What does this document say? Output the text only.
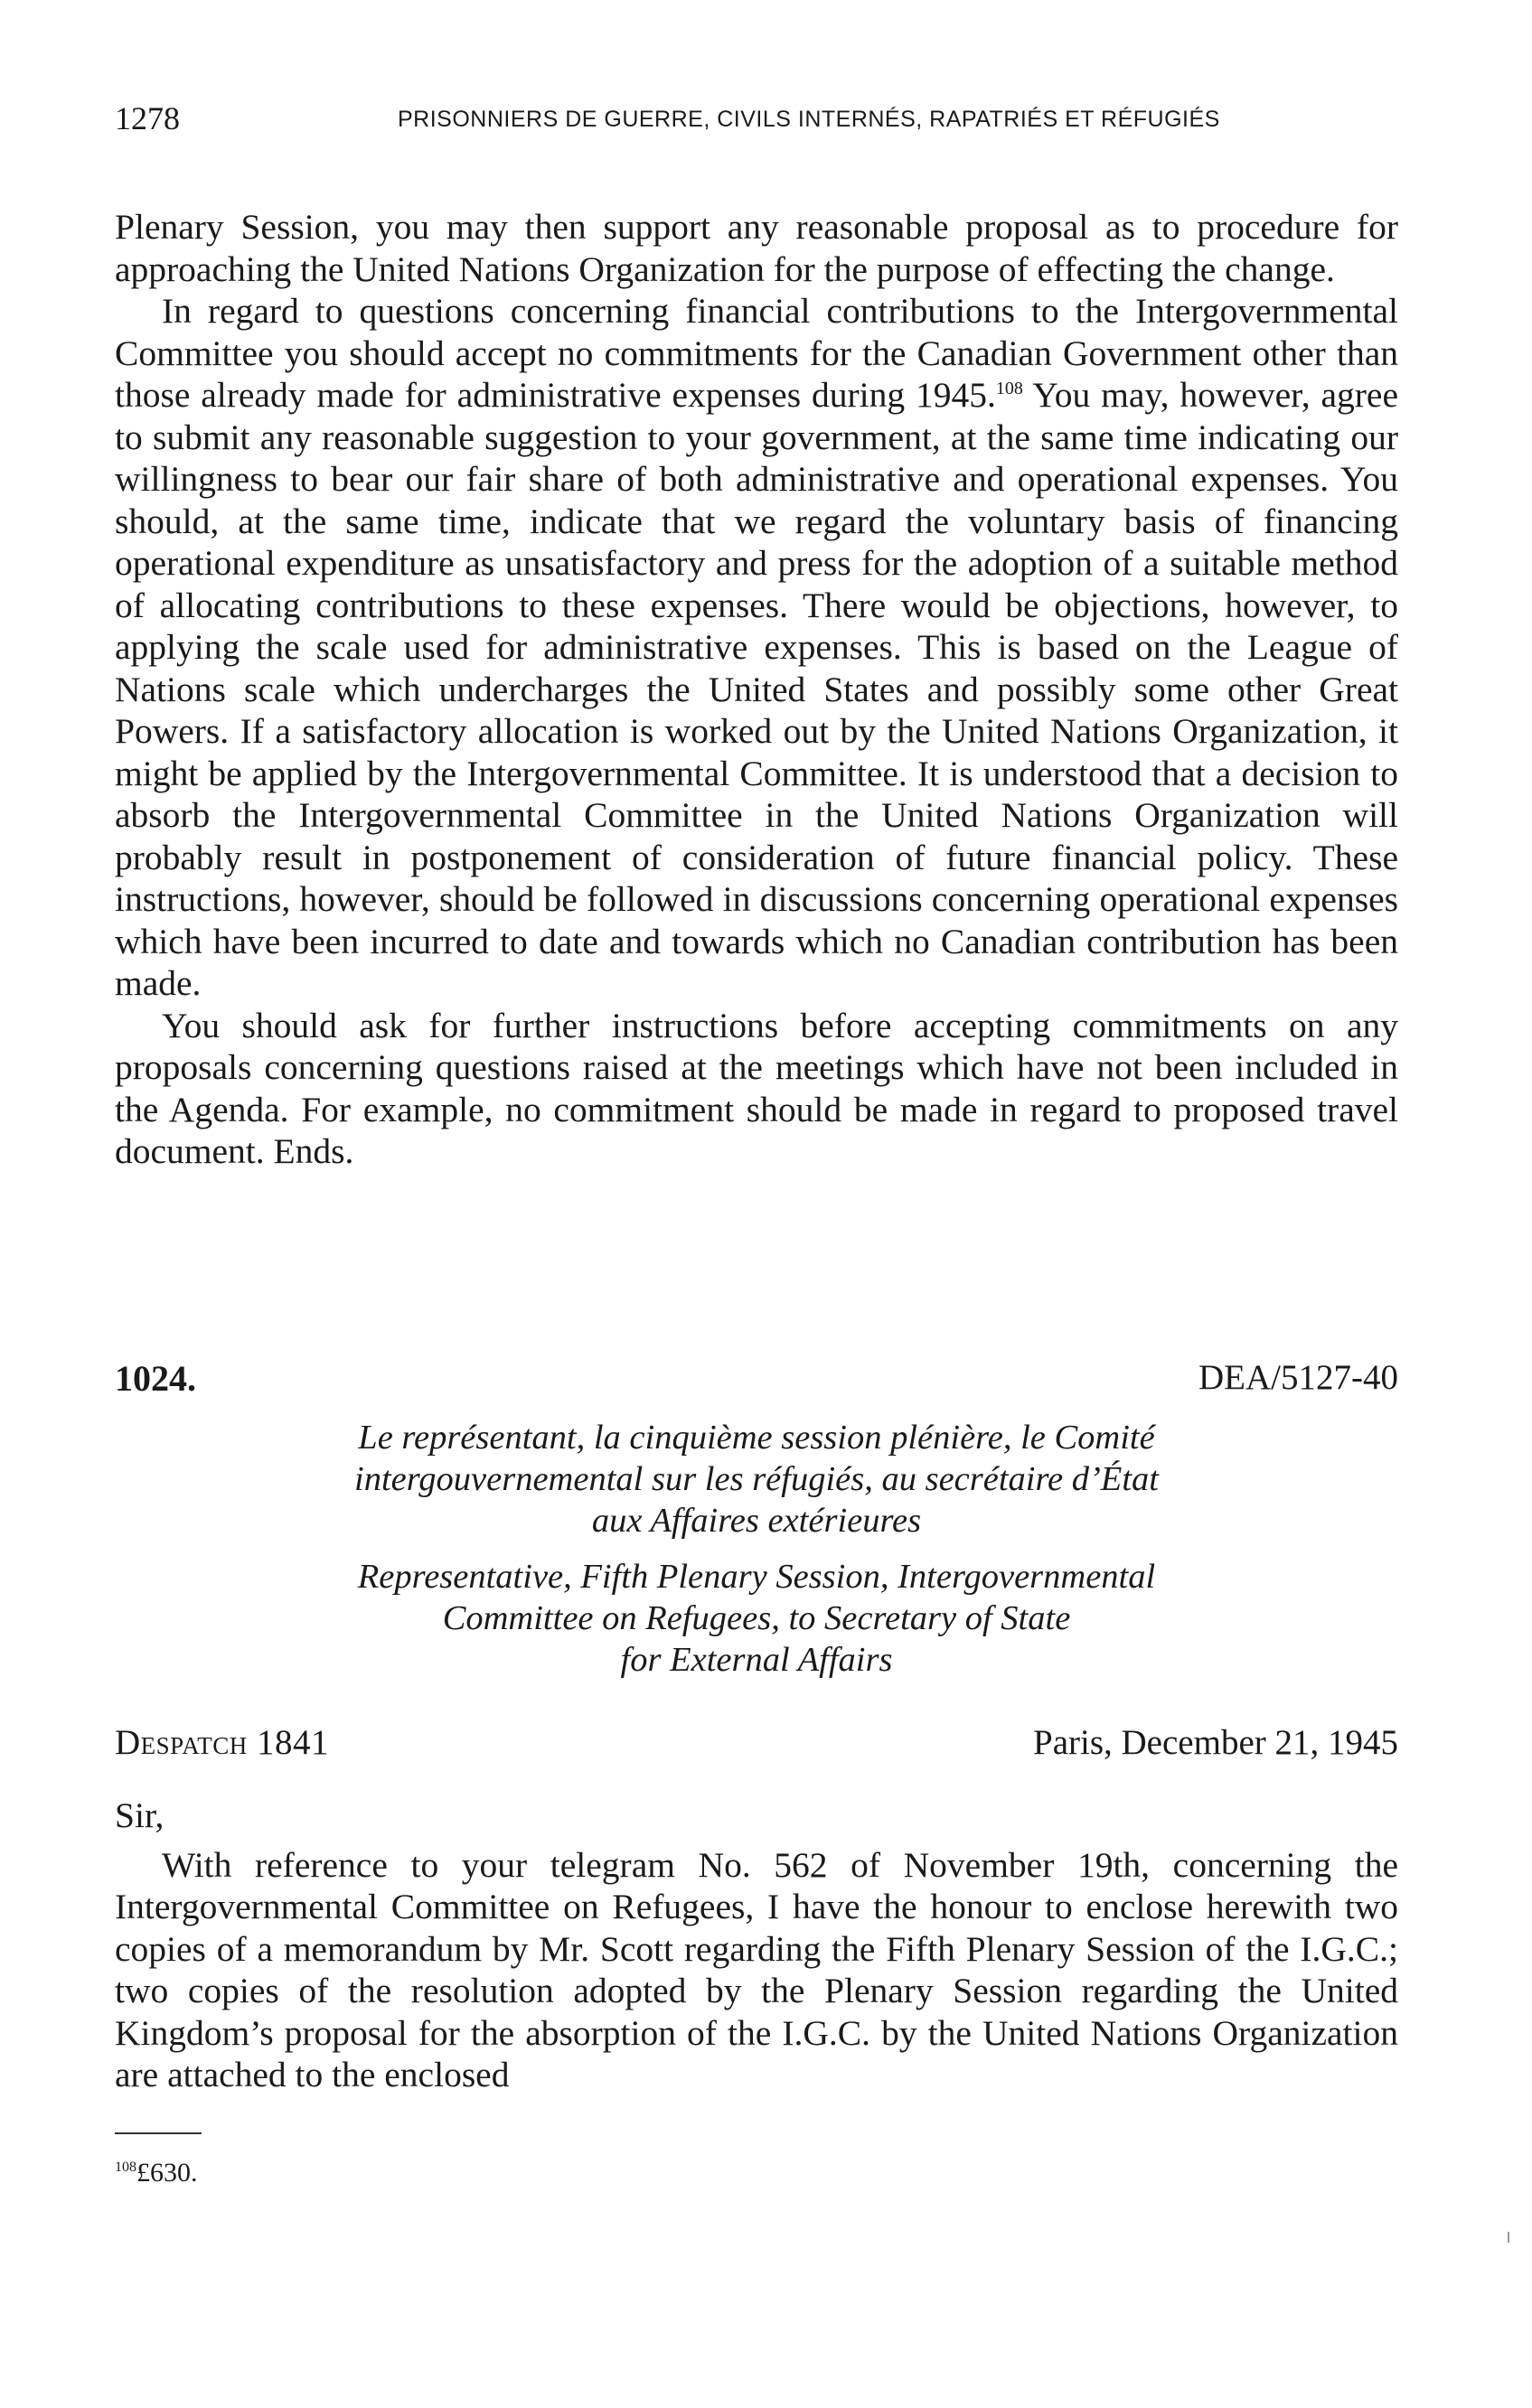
1278	PRISONNIERS DE GUERRE, CIVILS INTERNÉS, RAPATRIÉS ET RÉFUGIÉS

Plenary Session, you may then support any reasonable proposal as to procedure for approaching the United Nations Organization for the purpose of effecting the change.

In regard to questions concerning financial contributions to the Intergovernmental Committee you should accept no commitments for the Canadian Government other than those already made for administrative expenses during 1945.$^{108}$ You may, however, agree to submit any reasonable suggestion to your government, at the same time indicating our willingness to bear our fair share of both administrative and operational expenses. You should, at the same time, indicate that we regard the voluntary basis of financing operational expenditure as unsatisfactory and press for the adoption of a suitable method of allocating contributions to these expenses. There would be objections, however, to applying the scale used for administrative expenses. This is based on the League of Nations scale which undercharges the United States and possibly some other Great Powers. If a satisfactory allocation is worked out by the United Nations Organization, it might be applied by the Intergovernmental Committee. It is understood that a decision to absorb the Intergovernmental Committee in the United Nations Organization will probably result in postponement of consideration of future financial policy. These instructions, however, should be followed in discussions concerning operational expenses which have been incurred to date and towards which no Canadian contribution has been made.

You should ask for further instructions before accepting commitments on any proposals concerning questions raised at the meetings which have not been included in the Agenda. For example, no commitment should be made in regard to proposed travel document. Ends.

1024.	DEA/5127-40
Le représentant, la cinquième session plénière, le Comité
intergouvernemental sur les réfugiés, au secrétaire d’État
aux Affaires extérieures
Representative, Fifth Plenary Session, Intergovernmental
Committee on Refugees, to Secretary of State
for External Affairs
Despatch 1841	Paris, December 21, 1945

Sir,

With reference to your telegram No. 562 of November 19th, concerning the Intergovernmental Committee on Refugees, I have the honour to enclose herewith two copies of a memorandum by Mr. Scott regarding the Fifth Plenary Session of the I.G.C.; two copies of the resolution adopted by the Plenary Session regarding the United Kingdom’s proposal for the absorption of the I.G.C. by the United Nations Organization are attached to the enclosed

$^{108}$£630.
